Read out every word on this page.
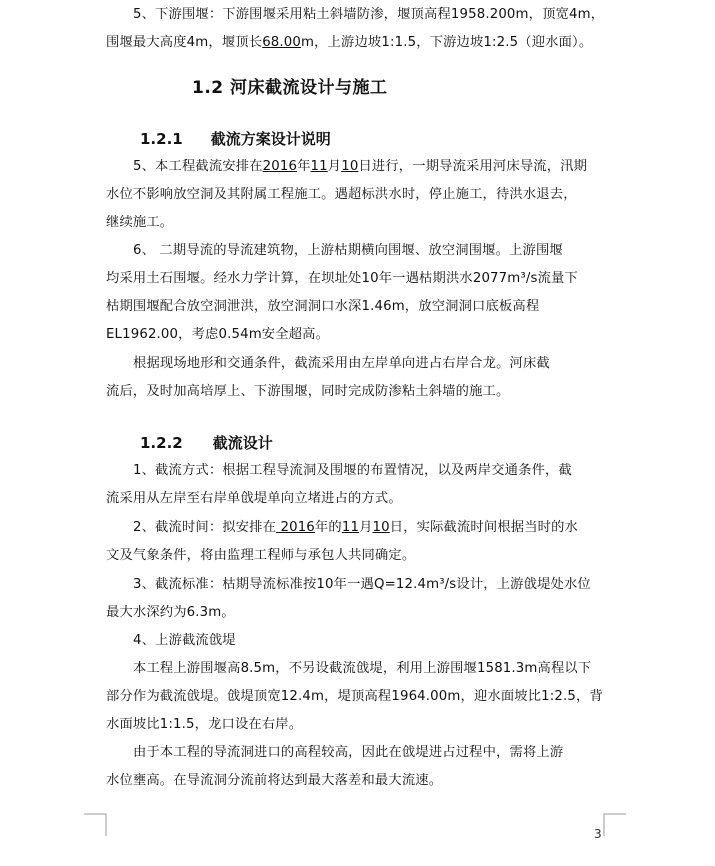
5、下游围堰：下游围堰采用粘土斜墙防渗，堰顶高程1958.200m，顶宽4m，
围堰最大高度4m，堰顶长68.00m，上游边坡1:1.5，下游边坡1:2.5（迎水面）。
1.2 河床截流设计与施工
1.2.1 截流方案设计说明
5、本工程截流安排在2016年11月10日进行，一期导流采用河床导流，汛期
水位不影响放空洞及其附属工程施工。遇超标洪水时，停止施工，待洪水退去，
继续施工。
6、 二期导流的导流建筑物，上游枯期横向围堰、放空洞围堰。上游围堰
均采用土石围堰。经水力学计算，在坝址处10年一遇枯期洪水2077m³/s流量下
枯期围堰配合放空洞泄洪，放空洞洞口水深1.46m，放空洞洞口底板高程
EL1962.00，考虑0.54m安全超高。
根据现场地形和交通条件，截流采用由左岸单向进占右岸合龙。河床截
流后，及时加高培厚上、下游围堰，同时完成防渗粘土斜墙的施工。
1.2.2 截流设计
1、截流方式：根据工程导流洞及围堰的布置情况，以及两岸交通条件，截
流采用从左岸至右岸单戗堤单向立堵进占的方式。
2、截流时间：拟安排在 2016年的11月10日，实际截流时间根据当时的水
文及气象条件，将由监理工程师与承包人共同确定。
3、截流标准：枯期导流标准按10年一遇Q=12.4m³/s设计，上游戗堤处水位
最大水深约为6.3m。
4、上游截流戗堤
本工程上游围堰高8.5m，不另设截流戗堤，利用上游围堰1581.3m高程以下
部分作为截流戗堤。戗堤顶宽12.4m，堤顶高程1964.00m，迎水面坡比1:2.5，背
水面坡比1:1.5，龙口设在右岸。
由于本工程的导流洞进口的高程较高，因此在戗堤进占过程中，需将上游
水位壅高。在导流洞分流前将达到最大落差和最大流速。
3
